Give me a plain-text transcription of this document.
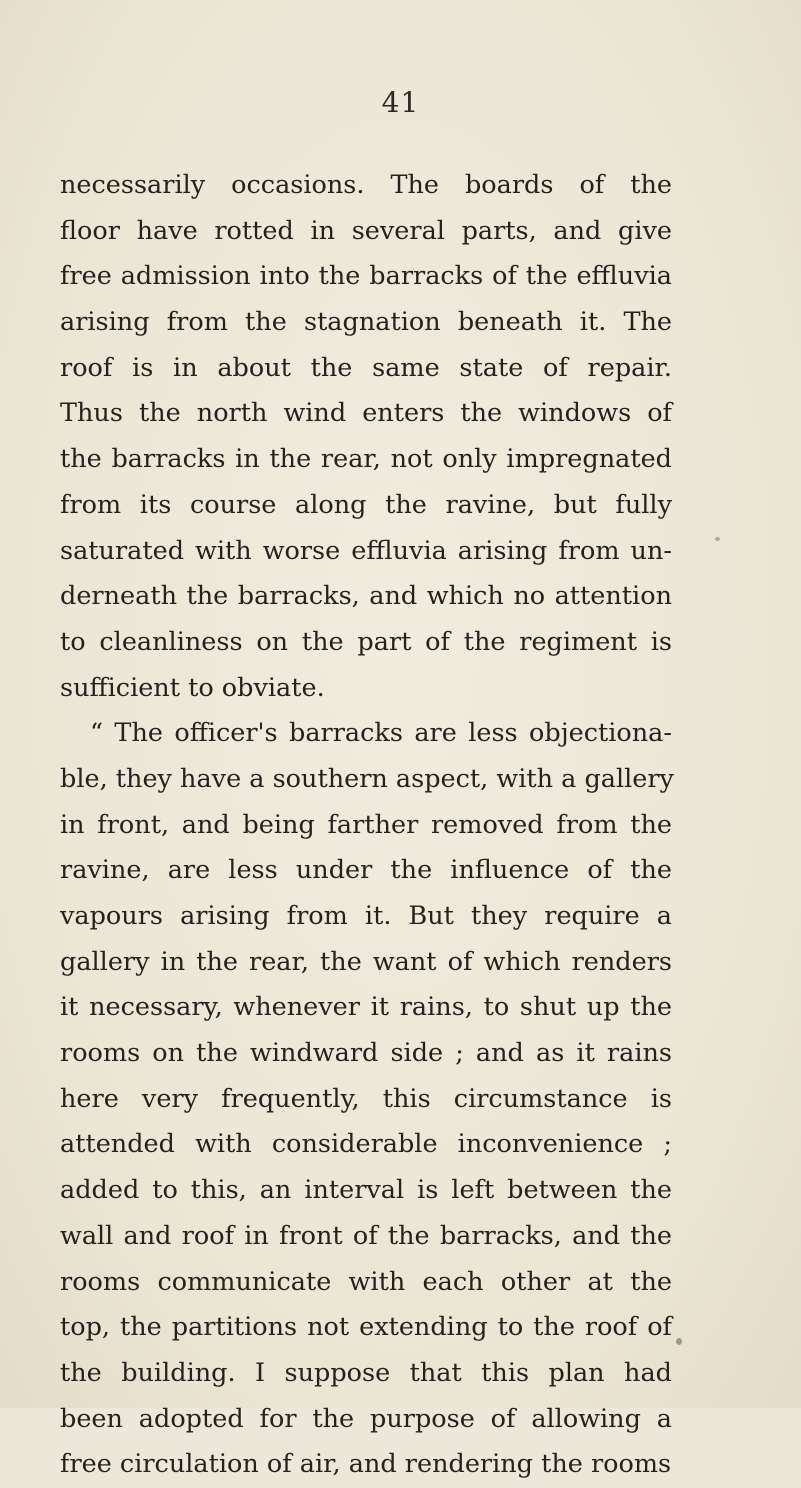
41
necessarily occasions. The boards of the
floor have rotted in several parts, and give
free admission into the barracks of the effluvia
arising from the stagnation beneath it. The
roof is in about the same state of repair.
Thus the north wind enters the windows of
the barracks in the rear, not only impregnated
from its course along the ravine, but fully
saturated with worse effluvia arising from un-
derneath the barracks, and which no attention
to cleanliness on the part of the regiment is
sufficient to obviate.
“ The officer's barracks are less objectiona-
ble, they have a southern aspect, with a gallery
in front, and being farther removed from the
ravine, are less under the influence of the
vapours arising from it. But they require a
gallery in the rear, the want of which renders
it necessary, whenever it rains, to shut up the
rooms on the windward side ; and as it rains
here very frequently, this circumstance is
attended with considerable inconvenience ;
added to this, an interval is left between the
wall and roof in front of the barracks, and the
rooms communicate with each other at the
top, the partitions not extending to the roof of
the building. I suppose that this plan had
been adopted for the purpose of allowing a
free circulation of air, and rendering the rooms
